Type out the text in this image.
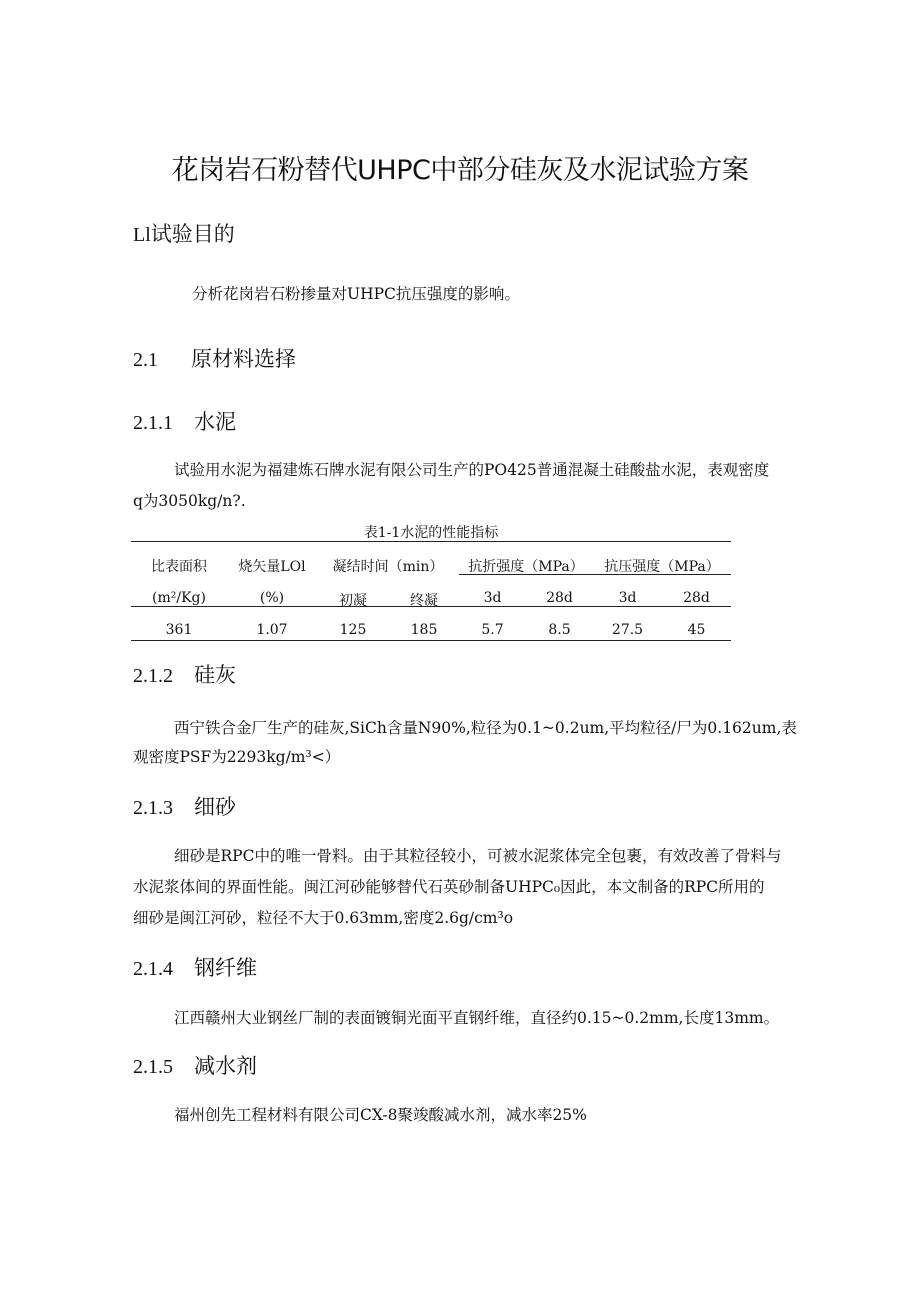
花岗岩石粉替代UHPC中部分硅灰及水泥试验方案
Ll试验目的
分析花岗岩石粉掺量对UHPC抗压强度的影响。
2.1 原材料选择
2.1.1 水泥
试验用水泥为福建炼石牌水泥有限公司生产的PO425普通混凝土硅酸盐水泥，表观密度
q为3050kg∕n?.
表1-1水泥的性能指标
比表面积	烧矢量LOl	凝结时间（min）	抗折强度（MPa）	抗压强度（MPa）
(m²/Kg)	(%)	初凝	终凝	3d	28d	3d	28d
361	1.07	125	185	5.7	8.5	27.5	45
2.1.2 硅灰
西宁铁合金厂生产的硅灰,SiCh含量N90%,粒径为0.1~0.2um,平均粒径/尸为0.162um,表
观密度PSF为2293kg∕m³<）
2.1.3 细砂
细砂是RPC中的唯一骨料。由于其粒径较小，可被水泥浆体完全包裹，有效改善了骨料与
水泥浆体间的界面性能。闽江河砂能够替代石英砂制备UHPC₀因此，本文制备的RPC所用的
细砂是闽江河砂，粒径不大于0.63mm,密度2.6g∕cm³o
2.1.4 钢纤维
江西赣州大业钢丝厂制的表面镀铜光面平直钢纤维，直径约0.15~0.2mm,长度13mm。
2.1.5 减水剂
福州创先工程材料有限公司CX-8聚竣酸减水剂，减水率25%
